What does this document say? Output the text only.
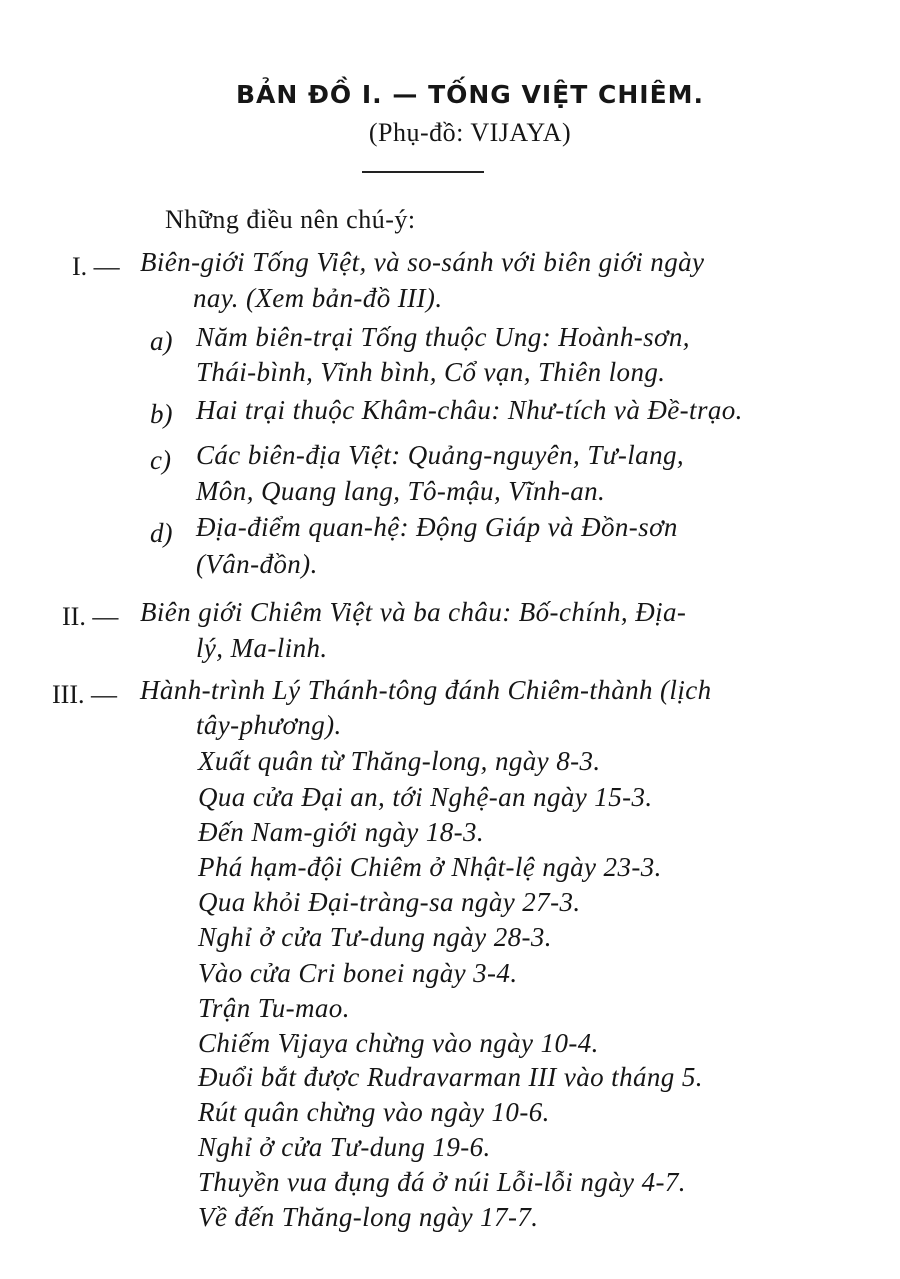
BẢN ĐỒ I. — TỐNG VIỆT CHIÊM.
(Phụ-đồ: VIJAYA)
Những điều nên chú-ý:
I. — Biên-giới Tống Việt, và so-sánh với biên giới ngày
nay. (Xem bản-đồ III).
a) Năm biên-trại Tống thuộc Ung: Hoành-sơn,
Thái-bình, Vĩnh bình, Cổ vạn, Thiên long.
b) Hai trại thuộc Khâm-châu: Như-tích và Đề-trạo.
c) Các biên-địa Việt: Quảng-nguyên, Tư-lang,
Môn, Quang lang, Tô-mậu, Vĩnh-an.
d) Địa-điểm quan-hệ: Động Giáp và Đồn-sơn
(Vân-đồn).
II. — Biên giới Chiêm Việt và ba châu: Bố-chính, Địa-
lý, Ma-linh.
III. — Hành-trình Lý Thánh-tông đánh Chiêm-thành (lịch
tây-phương).
Xuất quân từ Thăng-long, ngày 8-3.
Qua cửa Đại an, tới Nghệ-an ngày 15-3.
Đến Nam-giới ngày 18-3.
Phá hạm-đội Chiêm ở Nhật-lệ ngày 23-3.
Qua khỏi Đại-tràng-sa ngày 27-3.
Nghỉ ở cửa Tư-dung ngày 28-3.
Vào cửa Cri bonei ngày 3-4.
Trận Tu-mao.
Chiếm Vijaya chừng vào ngày 10-4.
Đuổi bắt được Rudravarman III vào tháng 5.
Rút quân chừng vào ngày 10-6.
Nghỉ ở cửa Tư-dung 19-6.
Thuyền vua đụng đá ở núi Lỗi-lỗi ngày 4-7.
Về đến Thăng-long ngày 17-7.
